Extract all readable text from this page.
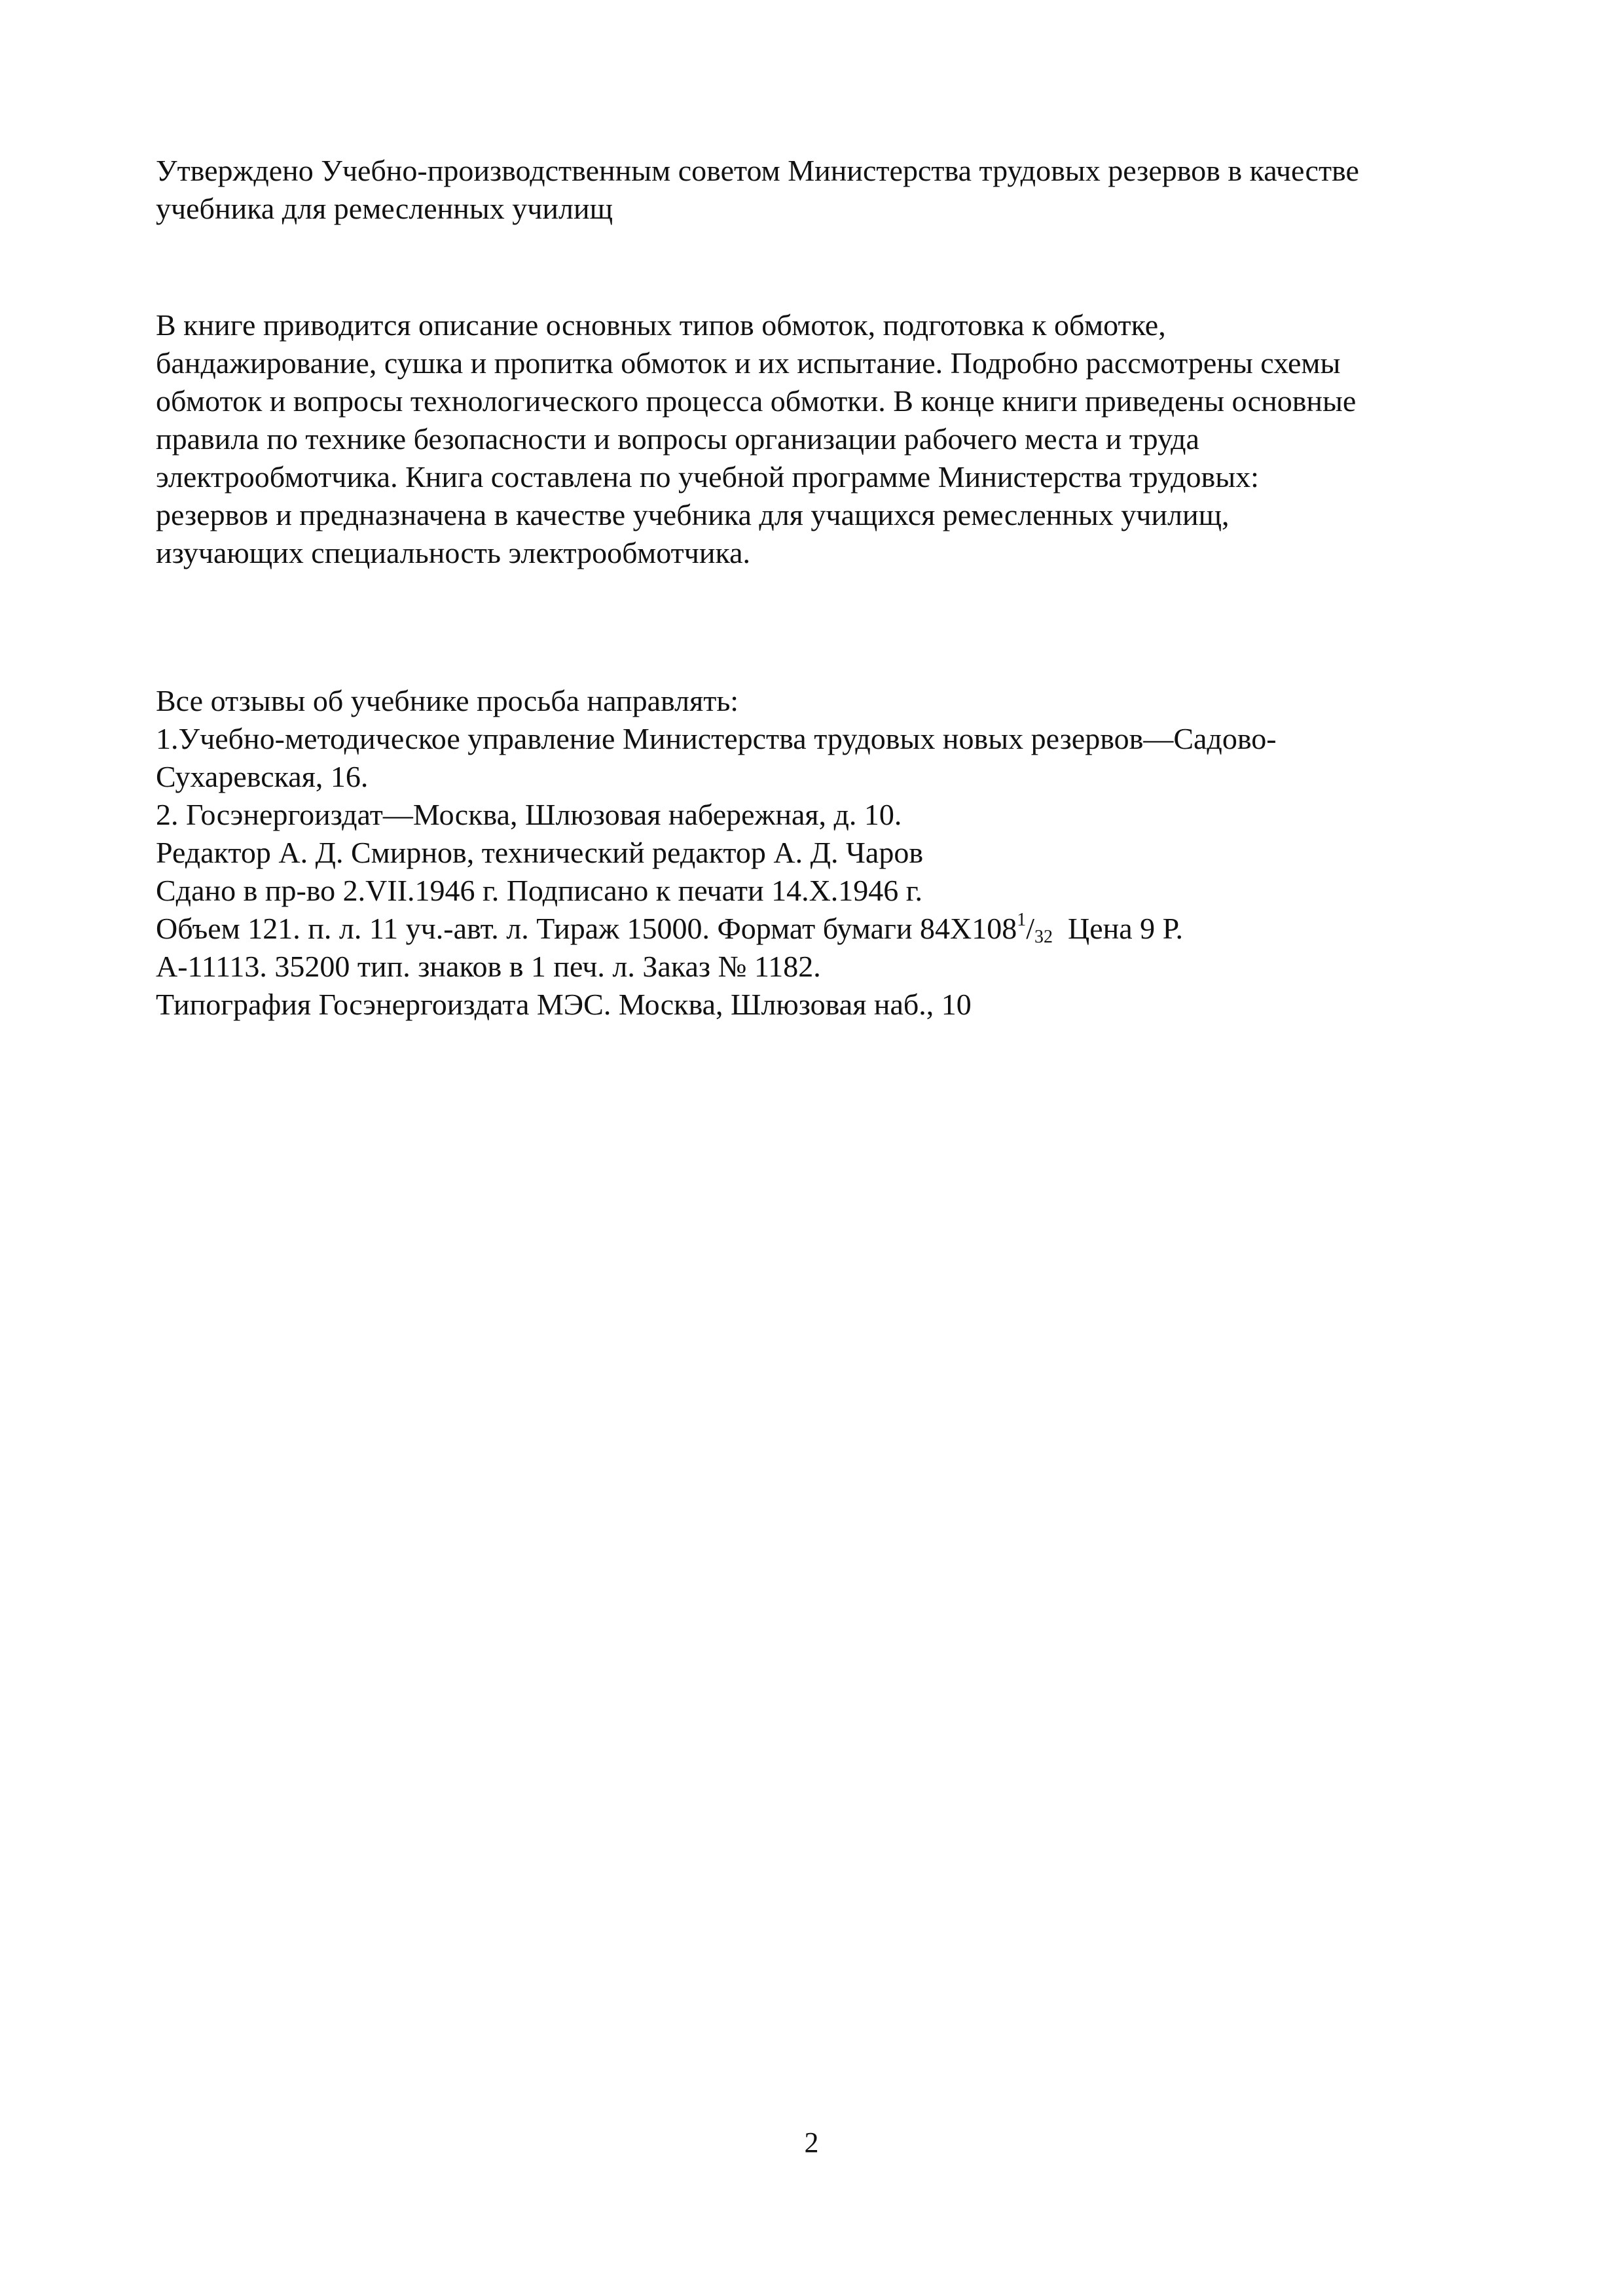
Утверждено Учебно-производственным советом Министерства трудовых резервов в качестве
учебника для ремесленных училищ

В книге приводится описание основных типов обмоток, подготовка к обмотке,
бандажирование, сушка и пропитка обмоток и их испытание. Подробно рассмотрены схемы
обмоток и вопросы технологического процесса обмотки. В конце книги приведены основные
правила по технике безопасности и вопросы организации рабочего места и труда
электрообмотчика. Книга составлена по учебной программе Министерства трудовых:
резервов и предназначена в качестве учебника для учащихся ремесленных училищ,
изучающих специальность электрообмотчика.

Все отзывы об учебнике просьба направлять:
1.Учебно-методическое управление Министерства трудовых новых резервов—Садово-
Сухаревская, 16.
2. Госэнергоиздат—Москва, Шлюзовая набережная, д. 10.
Редактор А. Д. Смирнов, технический редактор А. Д. Чаров
Сдано в пр-во 2.VII.1946 г. Подписано к печати 14.X.1946 г.
Объем 121. п. л. 11 уч.-авт. л. Тираж 15000. Формат бумаги $84X108^1/_{32}$  Цена 9 Р.
А-11113. 35200 тип. знаков в 1 печ. л. Заказ № 1182.
Типография Госэнергоиздата МЭС. Москва, Шлюзовая наб., 10
2
